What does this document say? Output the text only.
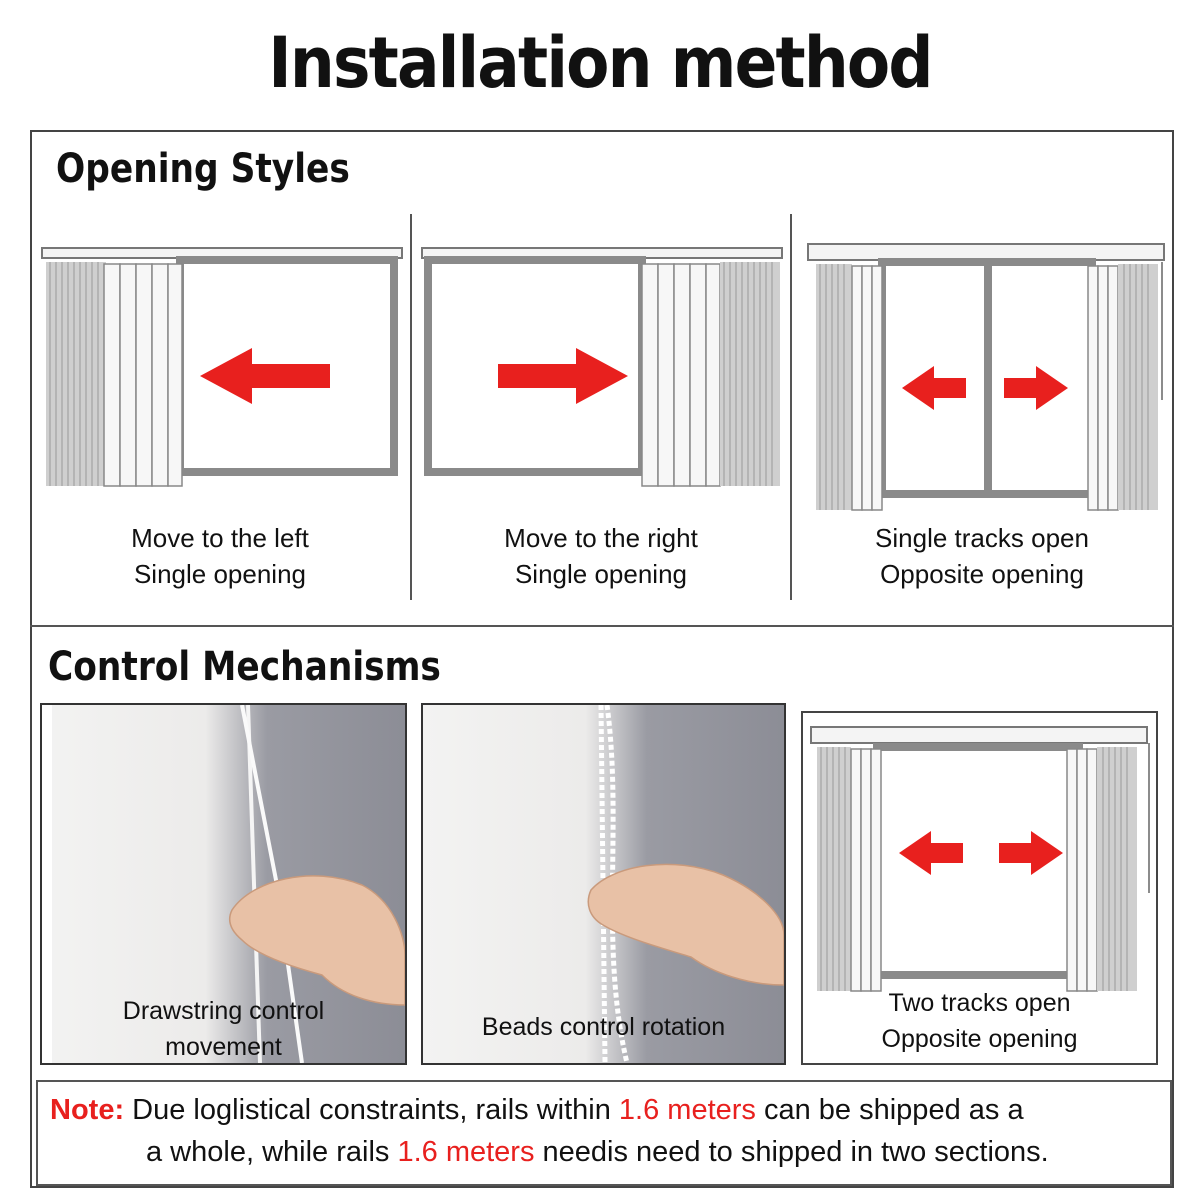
Installation method
Opening Styles
Move to the left
Single opening
Move to the right
Single opening
Single tracks open
Opposite opening
Control Mechanisms
Drawstring control
movement
Beads control rotation
Two tracks open
Opposite opening
Note: Due loglistical constraints, rails within 1.6 meters can be shipped as a
a whole, while rails 1.6 meters needis need to shipped in two sections.
